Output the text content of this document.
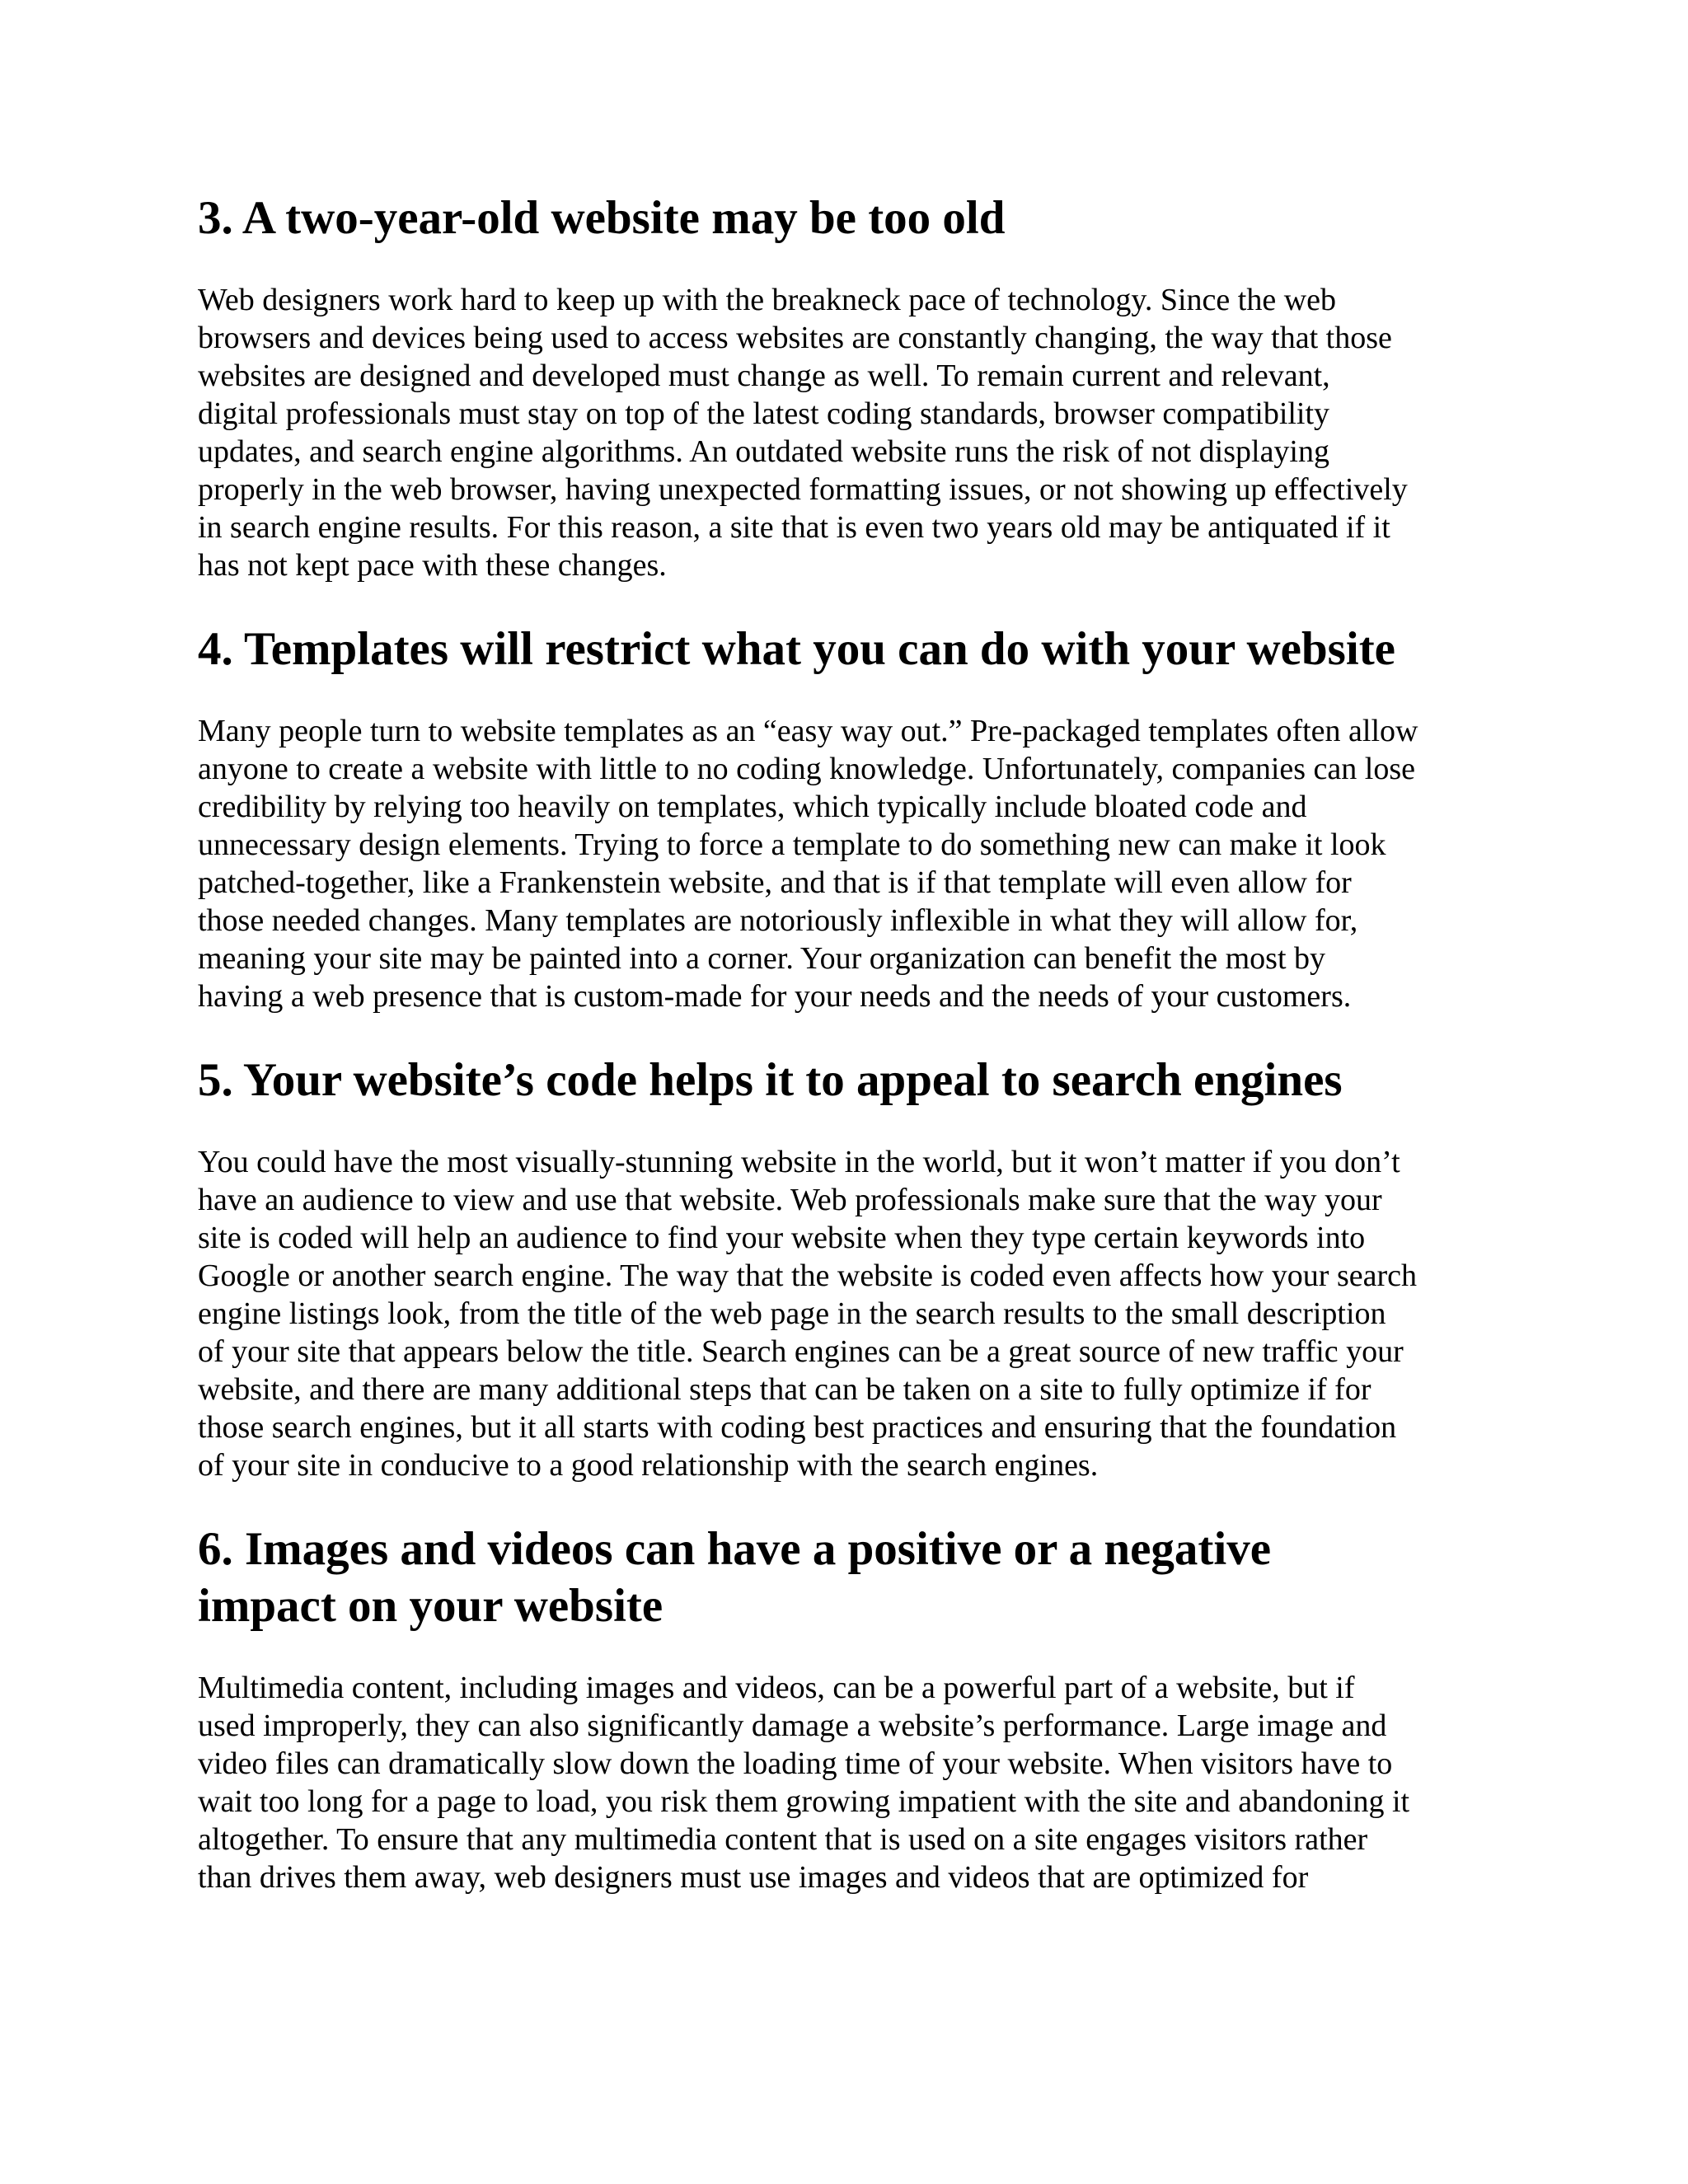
3. A two-year-old website may be too old

Web designers work hard to keep up with the breakneck pace of technology. Since the web
browsers and devices being used to access websites are constantly changing, the way that those
websites are designed and developed must change as well. To remain current and relevant,
digital professionals must stay on top of the latest coding standards, browser compatibility
updates, and search engine algorithms. An outdated website runs the risk of not displaying
properly in the web browser, having unexpected formatting issues, or not showing up effectively
in search engine results. For this reason, a site that is even two years old may be antiquated if it
has not kept pace with these changes.

4. Templates will restrict what you can do with your website

Many people turn to website templates as an “easy way out.” Pre-packaged templates often allow
anyone to create a website with little to no coding knowledge. Unfortunately, companies can lose
credibility by relying too heavily on templates, which typically include bloated code and
unnecessary design elements. Trying to force a template to do something new can make it look
patched-together, like a Frankenstein website, and that is if that template will even allow for
those needed changes. Many templates are notoriously inflexible in what they will allow for,
meaning your site may be painted into a corner. Your organization can benefit the most by
having a web presence that is custom-made for your needs and the needs of your customers.

5. Your website’s code helps it to appeal to search engines

You could have the most visually-stunning website in the world, but it won’t matter if you don’t
have an audience to view and use that website. Web professionals make sure that the way your
site is coded will help an audience to find your website when they type certain keywords into
Google or another search engine. The way that the website is coded even affects how your search
engine listings look, from the title of the web page in the search results to the small description
of your site that appears below the title. Search engines can be a great source of new traffic your
website, and there are many additional steps that can be taken on a site to fully optimize if for
those search engines, but it all starts with coding best practices and ensuring that the foundation
of your site in conducive to a good relationship with the search engines.

6. Images and videos can have a positive or a negative
impact on your website

Multimedia content, including images and videos, can be a powerful part of a website, but if
used improperly, they can also significantly damage a website’s performance. Large image and
video files can dramatically slow down the loading time of your website. When visitors have to
wait too long for a page to load, you risk them growing impatient with the site and abandoning it
altogether. To ensure that any multimedia content that is used on a site engages visitors rather
than drives them away, web designers must use images and videos that are optimized for
